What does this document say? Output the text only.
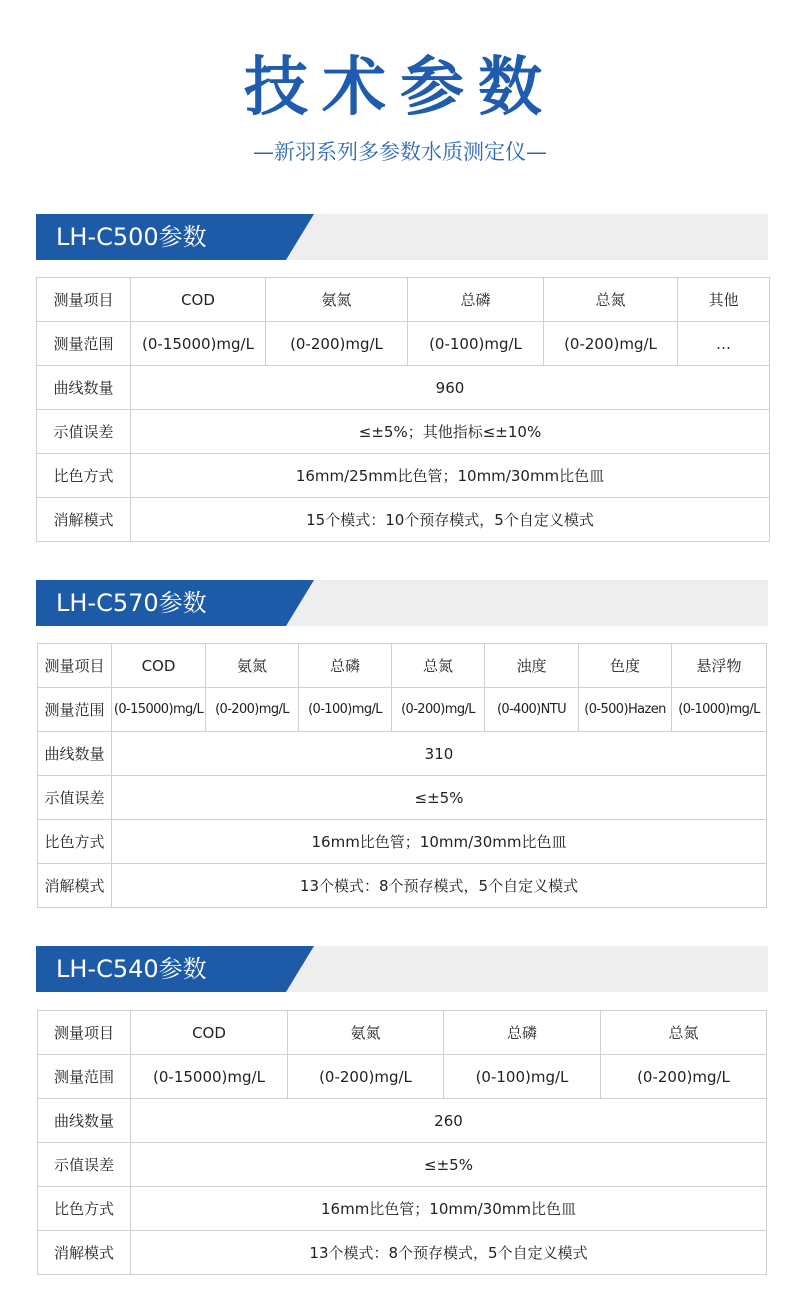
技术参数
—新羽系列多参数水质测定仪—
LH-C500参数
测量项目	COD	氨氮	总磷	总氮	其他
测量范围	(0-15000)mg/L	(0-200)mg/L	(0-100)mg/L	(0-200)mg/L	…
曲线数量	960				
示值误差	≤±5%；其他指标≤±10%				
比色方式	16mm/25mm比色管；10mm/30mm比色皿				
消解模式	15个模式：10个预存模式，5个自定义模式				
LH-C570参数
测量项目	COD	氨氮	总磷	总氮	浊度	色度	悬浮物
测量范围	(0-15000)mg/L	(0-200)mg/L	(0-100)mg/L	(0-200)mg/L	(0-400)NTU	(0-500)Hazen	(0-1000)mg/L
曲线数量	310						
示值误差	≤±5%						
比色方式	16mm比色管；10mm/30mm比色皿						
消解模式	13个模式：8个预存模式，5个自定义模式						
LH-C540参数
测量项目	COD	氨氮	总磷	总氮
测量范围	(0-15000)mg/L	(0-200)mg/L	(0-100)mg/L	(0-200)mg/L
曲线数量	260			
示值误差	≤±5%			
比色方式	16mm比色管；10mm/30mm比色皿			
消解模式	13个模式：8个预存模式，5个自定义模式			
